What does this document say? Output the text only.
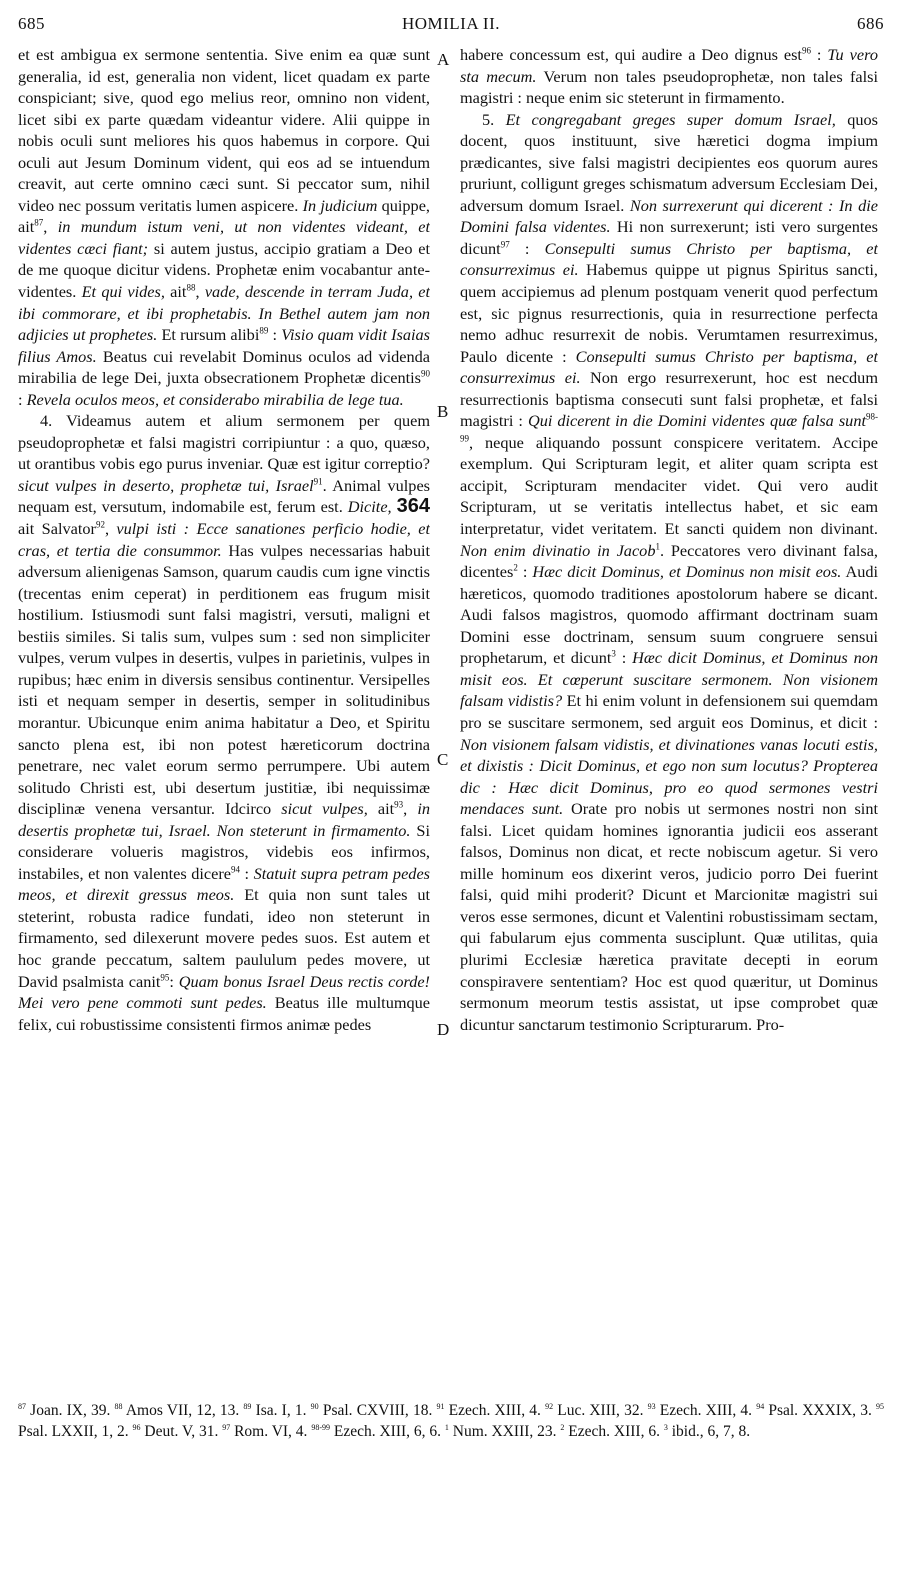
685	HOMILIA II.	686
A
B
C
D

et est ambigua ex sermone sententia. Sive enim ea quæ sunt generalia, id est, generalia non vident, licet quadam ex parte conspiciant; sive, quod ego melius reor, omnino non vident, licet sibi ex parte quædam videantur videre. Alii quippe in nobis oculi sunt meliores his quos habemus in corpore. Qui oculi aut Jesum Dominum vident, qui eos ad se intuendum creavit, aut certe omnino cæci sunt. Si peccator sum, nihil video nec possum veritatis lumen aspicere. In judicium quippe, ait$^{87}$, in mundum istum veni, ut non videntes videant, et videntes cæci fiant; si autem justus, accipio gratiam a Deo et de me quoque dicitur videns. Prophetæ enim vocabantur ante-videntes. Et qui vides, ait$^{88}$, vade, descende in terram Juda, et ibi commorare, et ibi prophetabis. In Bethel autem jam non adjicies ut prophetes. Et rursum alibi$^{89}$ : Visio quam vidit Isaias filius Amos. Beatus cui revelabit Dominus oculos ad videnda mirabilia de lege Dei, juxta obsecrationem Prophetæ dicentis$^{90}$ : Revela oculos meos, et considerabo mirabilia de lege tua.

4. Videamus autem et alium sermonem per quem pseudoprophetæ et falsi magistri corripiuntur : a quo, quæso, ut orantibus vobis ego purus inveniar. Quæ est igitur correptio? sicut vulpes in deserto, prophetæ tui, Israel$^{91}$. Animal vulpes nequam est, versutum, indomabile est, ferum est. Dicite, 364 ait Salvator$^{92}$, vulpi isti : Ecce sanationes perficio hodie, et cras, et tertia die consummor. Has vulpes necessarias habuit adversum alienigenas Samson, quarum caudis cum igne vinctis (trecentas enim ceperat) in perditionem eas frugum misit hostilium. Istiusmodi sunt falsi magistri, versuti, maligni et bestiis similes. Si talis sum, vulpes sum : sed non simpliciter vulpes, verum vulpes in desertis, vulpes in parietinis, vulpes in rupibus; hæc enim in diversis sensibus continentur. Versipelles isti et nequam semper in desertis, semper in solitudinibus morantur. Ubicunque enim anima habitatur a Deo, et Spiritu sancto plena est, ibi non potest hæreticorum doctrina penetrare, nec valet eorum sermo perrumpere. Ubi autem solitudo Christi est, ubi desertum justitiæ, ibi nequissimæ disciplinæ venena versantur. Idcirco sicut vulpes, ait$^{93}$, in desertis prophetæ tui, Israel. Non steterunt in firmamento. Si considerare volueris magistros, videbis eos infirmos, instabiles, et non valentes dicere$^{94}$ : Statuit supra petram pedes meos, et direxit gressus meos. Et quia non sunt tales ut steterint, robusta radice fundati, ideo non steterunt in firmamento, sed dilexerunt movere pedes suos. Est autem et hoc grande peccatum, saltem paululum pedes movere, ut David psalmista canit$^{95}$: Quam bonus Israel Deus rectis corde! Mei vero pene commoti sunt pedes. Beatus ille multumque felix, cui robustissime consistenti firmos animæ pedes

habere concessum est, qui audire a Deo dignus est$^{96}$ : Tu vero sta mecum. Verum non tales pseudoprophetæ, non tales falsi magistri : neque enim sic steterunt in firmamento.

5. Et congregabant greges super domum Israel, quos docent, quos instituunt, sive hæretici dogma impium prædicantes, sive falsi magistri decipientes eos quorum aures pruriunt, colligunt greges schismatum adversum Ecclesiam Dei, adversum domum Israel. Non surrexerunt qui dicerent : In die Domini falsa videntes. Hi non surrexerunt; isti vero surgentes dicunt$^{97}$ : Consepulti sumus Christo per baptisma, et consurreximus ei. Habemus quippe ut pignus Spiritus sancti, quem accipiemus ad plenum postquam venerit quod perfectum est, sic pignus resurrectionis, quia in resurrectione perfecta nemo adhuc resurrexit de nobis. Verumtamen resurreximus, Paulo dicente : Consepulti sumus Christo per baptisma, et consurreximus ei. Non ergo resurrexerunt, hoc est necdum resurrectionis baptisma consecuti sunt falsi prophetæ, et falsi magistri : Qui dicerent in die Domini videntes quæ falsa sunt$^{98-99}$, neque aliquando possunt conspicere veritatem. Accipe exemplum. Qui Scripturam legit, et aliter quam scripta est accipit, Scripturam mendaciter videt. Qui vero audit Scripturam, ut se veritatis intellectus habet, et sic eam interpretatur, videt veritatem. Et sancti quidem non divinant. Non enim divinatio in Jacob$^1$. Peccatores vero divinant falsa, dicentes$^2$ : Hæc dicit Dominus, et Dominus non misit eos. Audi hæreticos, quomodo traditiones apostolorum habere se dicant. Audi falsos magistros, quomodo affirmant doctrinam suam Domini esse doctrinam, sensum suum congruere sensui prophetarum, et dicunt$^3$ : Hæc dicit Dominus, et Dominus non misit eos. Et cœperunt suscitare sermonem. Non visionem falsam vidistis? Et hi enim volunt in defensionem sui quemdam pro se suscitare sermonem, sed arguit eos Dominus, et dicit : Non visionem falsam vidistis, et divinationes vanas locuti estis, et dixistis : Dicit Dominus, et ego non sum locutus? Propterea dic : Hæc dicit Dominus, pro eo quod sermones vestri mendaces sunt. Orate pro nobis ut sermones nostri non sint falsi. Licet quidam homines ignorantia judicii eos asserant falsos, Dominus non dicat, et recte nobiscum agetur. Si vero mille hominum eos dixerint veros, judicio porro Dei fuerint falsi, quid mihi proderit? Dicunt et Marcionitæ magistri sui veros esse sermones, dicunt et Valentini robustissimam sectam, qui fabularum ejus commenta susciplunt. Quæ utilitas, quia plurimi Ecclesiæ hæretica pravitate decepti in eorum conspiravere sententiam? Hoc est quod quæritur, ut Dominus sermonum meorum testis assistat, ut ipse comprobet quæ dicuntur sanctarum testimonio Scripturarum. Pro-

$^{87}$ Joan. IX, 39. $^{88}$ Amos VII, 12, 13. $^{89}$ Isa. I, 1. $^{90}$ Psal. CXVIII, 18. $^{91}$ Ezech. XIII, 4. $^{92}$ Luc. XIII, 32. $^{93}$ Ezech. XIII, 4. $^{94}$ Psal. XXXIX, 3. $^{95}$ Psal. LXXII, 1, 2. $^{96}$ Deut. V, 31. $^{97}$ Rom. VI, 4. $^{98-99}$ Ezech. XIII, 6, 6. $^1$ Num. XXIII, 23. $^2$ Ezech. XIII, 6. $^3$ ibid., 6, 7, 8.
